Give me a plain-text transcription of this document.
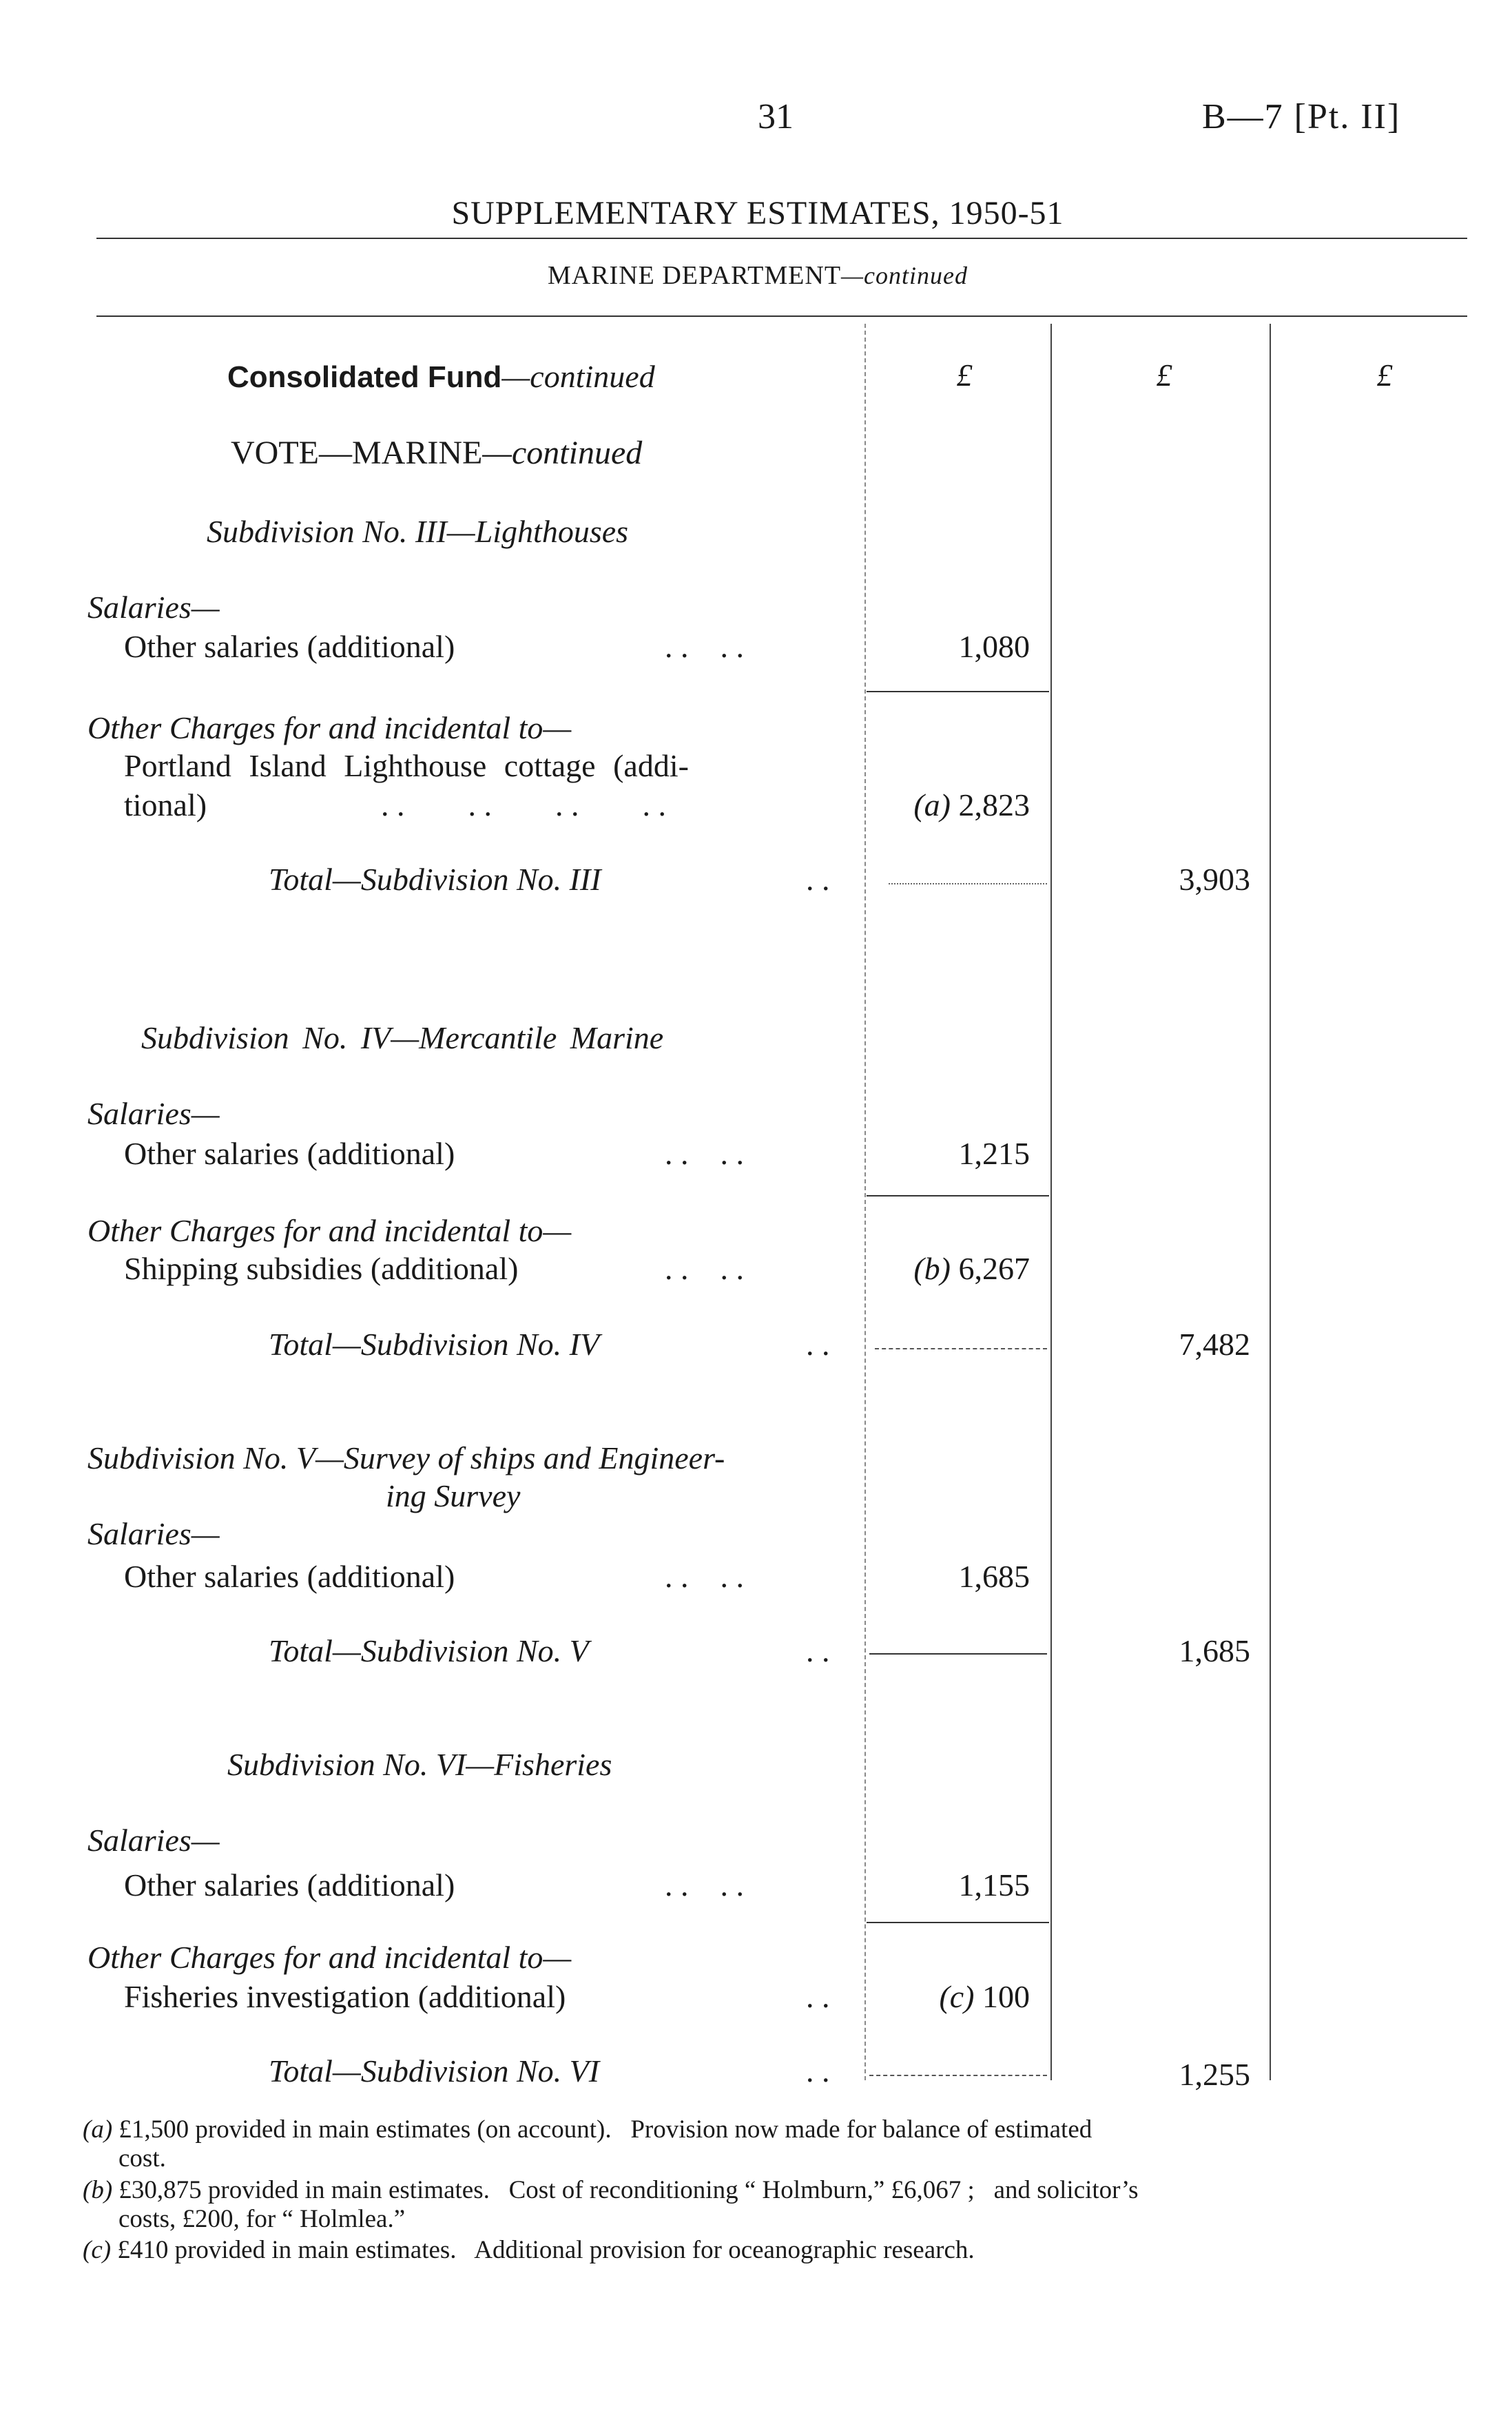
31	B—7 [Pt. II]
SUPPLEMENTARY ESTIMATES, 1950-51
MARINE DEPARTMENT—continued
£	£	£
Consolidated Fund—continued
VOTE—MARINE—continued
Subdivision No. III—Lighthouses
Salaries—
Other salaries (additional)	. .    . .	1,080
Other Charges for and incidental to—
Portland Island Lighthouse cottage (addi-
tional)	. .        . .        . .        . .	(a) 2,823
Total—Subdivision No. III	. .	3,903
Subdivision No. IV—Mercantile Marine
Salaries—
Other salaries (additional)	. .    . .	1,215
Other Charges for and incidental to—
Shipping subsidies (additional)	. .    . .	(b) 6,267
Total—Subdivision No. IV	. .	7,482
Subdivision No. V—Survey of ships and Engineer-
ing Survey
Salaries—
Other salaries (additional)	. .    . .	1,685
Total—Subdivision No. V	. .	1,685
Subdivision No. VI—Fisheries
Salaries—
Other salaries (additional)	. .    . .	1,155
Other Charges for and incidental to—
Fisheries investigation (additional)	. .	(c) 100
Total—Subdivision No. VI	. .	1,255
(a) £1,500 provided in main estimates (on account).   Provision now made for balance of estimated
cost.
(b) £30,875 provided in main estimates.   Cost of reconditioning “ Holmburn,” £6,067 ;   and solicitor’s
costs, £200, for “ Holmlea.”
(c) £410 provided in main estimates.   Additional provision for oceanographic research.
